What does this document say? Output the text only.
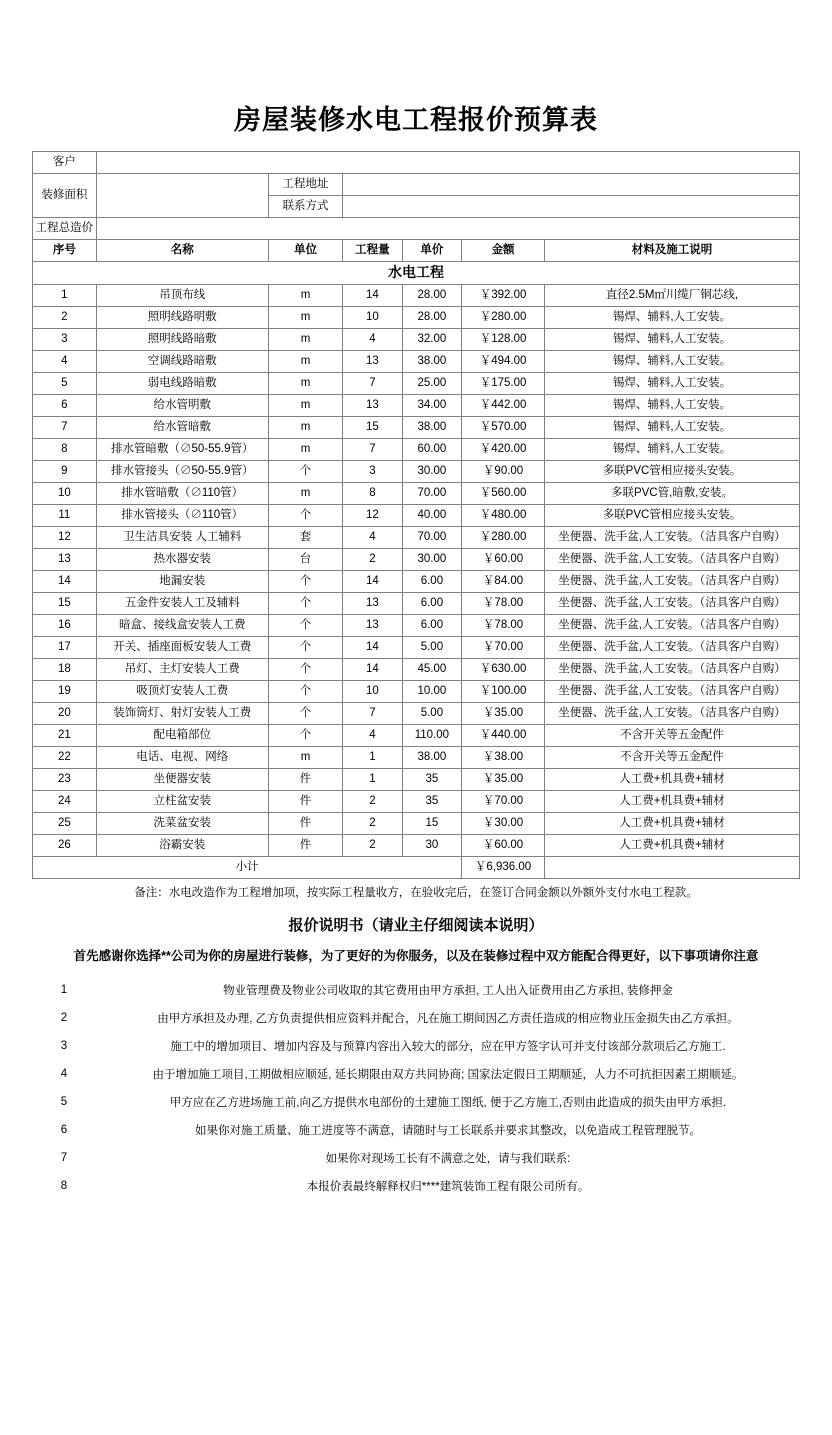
房屋装修水电工程报价预算表
客户						
装修面积		工程地址				
		联系方式				
工程总造价						
序号	名称	单位	工程量	单价	金额	材料及施工说明
水电工程						
1	吊顶布线	m	14	28.00	￥392.00	直径2.5M㎡川缆厂铜芯线,
2	照明线路明敷	m	10	28.00	￥280.00	锡焊、辅料,人工安装。
3	照明线路暗敷	m	4	32.00	￥128.00	锡焊、辅料,人工安装。
4	空调线路暗敷	m	13	38.00	￥494.00	锡焊、辅料,人工安装。
5	弱电线路暗敷	m	7	25.00	￥175.00	锡焊、辅料,人工安装。
6	给水管明敷	m	13	34.00	￥442.00	锡焊、辅料,人工安装。
7	给水管暗敷	m	15	38.00	￥570.00	锡焊、辅料,人工安装。
8	排水管暗敷（∅50-55.9管）	m	7	60.00	￥420.00	锡焊、辅料,人工安装。
9	排水管接头（∅50-55.9管）	个	3	30.00	￥90.00	多联PVC管相应接头安装。
10	排水管暗敷（∅110管）	m	8	70.00	￥560.00	多联PVC管,暗敷,安装。
11	排水管接头（∅110管）	个	12	40.00	￥480.00	多联PVC管相应接头安装。
12	卫生洁具安装 人工辅料	套	4	70.00	￥280.00	坐便器、洗手盆,人工安装。（洁具客户自购）
13	热水器安装	台	2	30.00	￥60.00	坐便器、洗手盆,人工安装。（洁具客户自购）
14	地漏安装	个	14	6.00	￥84.00	坐便器、洗手盆,人工安装。（洁具客户自购）
15	五金件安装人工及辅料	个	13	6.00	￥78.00	坐便器、洗手盆,人工安装。（洁具客户自购）
16	暗盒、接线盒安装人工费	个	13	6.00	￥78.00	坐便器、洗手盆,人工安装。（洁具客户自购）
17	开关、插座面板安装人工费	个	14	5.00	￥70.00	坐便器、洗手盆,人工安装。（洁具客户自购）
18	吊灯、主灯安装人工费	个	14	45.00	￥630.00	坐便器、洗手盆,人工安装。（洁具客户自购）
19	吸顶灯安装人工费	个	10	10.00	￥100.00	坐便器、洗手盆,人工安装。（洁具客户自购）
20	装饰筒灯、射灯安装人工费	个	7	5.00	￥35.00	坐便器、洗手盆,人工安装。（洁具客户自购）
21	配电箱部位	个	4	110.00	￥440.00	不含开关等五金配件
22	电话、电视、网络	m	1	38.00	￥38.00	不含开关等五金配件
23	坐便器安装	件	1	35	￥35.00	人工费+机具费+辅材
24	立柱盆安装	件	2	35	￥70.00	人工费+机具费+辅材
25	洗菜盆安装	件	2	15	￥30.00	人工费+机具费+辅材
26	浴霸安装	件	2	30	￥60.00	人工费+机具费+辅材
小计					￥6,936.00	
备注：水电改造作为工程增加项，按实际工程量收方，在验收完后，在签订合同金额以外额外支付水电工程款。
报价说明书（请业主仔细阅读本说明）
首先感谢你选择**公司为你的房屋进行装修，为了更好的为你服务，以及在装修过程中双方能配合得更好，以下事项请你注意
1	物业管理费及物业公司收取的其它费用由甲方承担, 工人出入证费用由乙方承担, 装修押金
2	由甲方承担及办理, 乙方负责提供相应资料并配合，凡在施工期间因乙方责任造成的相应物业压金损失由乙方承担。
3	施工中的增加项目、增加内容及与预算内容出入较大的部分，应在甲方签字认可并支付该部分款项后乙方施工.
4	由于增加施工项目,工期做相应顺延, 延长期限由双方共同协商; 国家法定假日工期顺延，人力不可抗拒因素工期顺延。
5	甲方应在乙方进场施工前,向乙方提供水电部份的土建施工图纸, 便于乙方施工,否则由此造成的损失由甲方承担.
6	如果你对施工质量、施工进度等不满意，请随时与工长联系并要求其整改，以免造成工程管理脱节。
7	如果你对现场工长有不满意之处，请与我们联系:
8	本报价表最终解释权归****建筑装饰工程有限公司所有。
